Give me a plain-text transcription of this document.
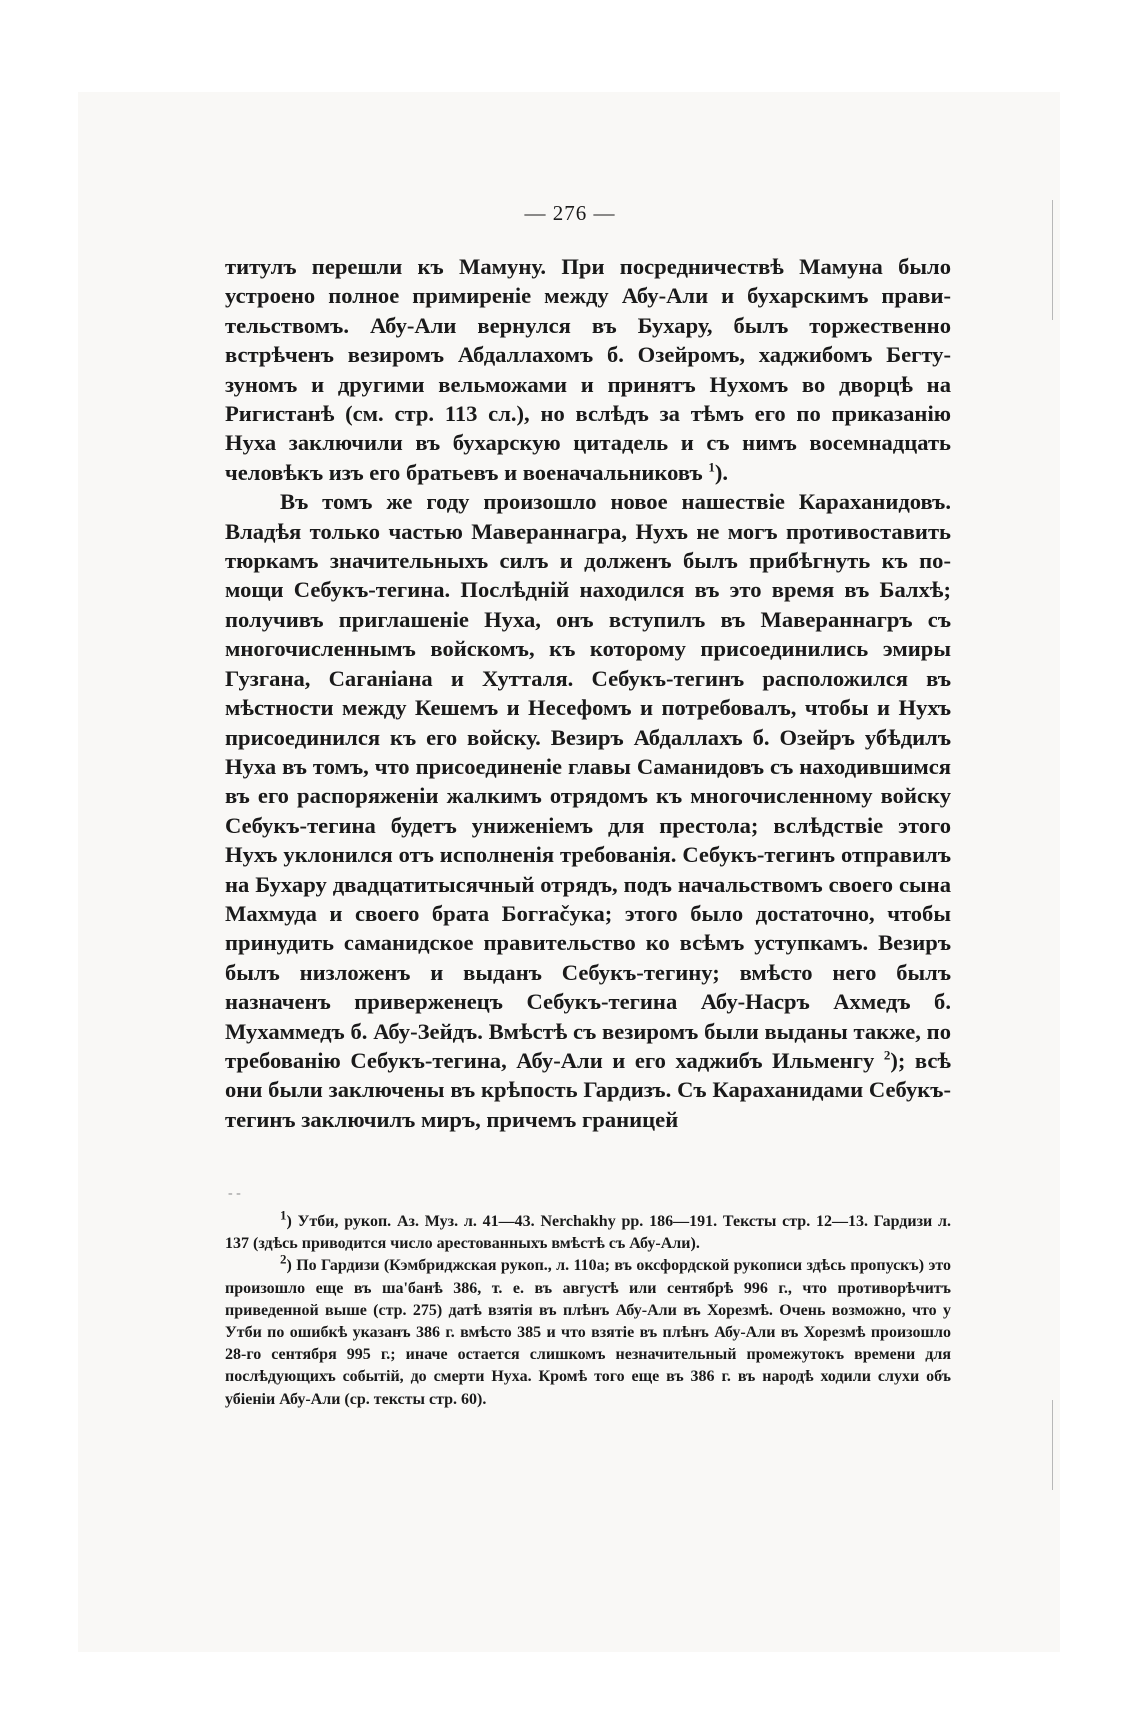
— 276 —

титулъ перешли къ Мамуну. При посредничествѣ Мамуна было устроено полное примиреніе между Абу-Али и бухарскимъ правительствомъ. Абу-Али вернулся въ Бухару, былъ торжественно встрѣченъ везиромъ Абдаллахомъ б. Озейромъ, хаджибомъ Бегтузуномъ и другими вельможами и принятъ Нухомъ во дворцѣ на Ригистанѣ (см. стр. 113 сл.), но вслѣдъ за тѣмъ его по приказанію Нуха заключили въ бухарскую цитадель и съ нимъ восемнадцать человѣкъ изъ его братьевъ и военачальниковъ $^1$).

Въ томъ же году произошло новое нашествіе Караханидовъ. Владѣя только частью Мавераннагра, Нухъ не могъ противоставить тюркамъ значительныхъ силъ и долженъ былъ прибѣгнуть къ помощи Себукъ-тегина. Послѣдній находился въ это время въ Балхѣ; получивъ приглашеніе Нуха, онъ вступилъ въ Мавераннагръ съ многочисленнымъ войскомъ, къ которому присоединились эмиры Гузгана, Саганіана и Хутталя. Себукъ-тегинъ расположился въ мѣстности между Кешемъ и Несефомъ и потребовалъ, чтобы и Нухъ присоединился къ его войску. Везиръ Абдаллахъ б. Озейръ убѣдилъ Нуха въ томъ, что присоединеніе главы Саманидовъ съ находившимся въ его распоряженіи жалкимъ отрядомъ къ многочисленному войску Себукъ-тегина будетъ униженіемъ для престола; вслѣдствіе этого Нухъ уклонился отъ исполненія требованія. Себукъ-тегинъ отправилъ на Бухару двадцатитысячный отрядъ, подъ начальствомъ своего сына Махмуда и своего брата Богračука; этого было достаточно, чтобы принудить саманидское правительство ко всѣмъ уступкамъ. Везиръ былъ низложенъ и выданъ Себукъ-тегину; вмѣсто него былъ назначенъ приверженецъ Себукъ-тегина Абу-Насръ Ахмедъ б. Мухаммедъ б. Абу-Зейдъ. Вмѣстѣ съ везиромъ были выданы также, по требованію Себукъ-тегина, Абу-Али и его хаджибъ Ильменгу $^2$); всѣ они были заключены въ крѣпость Гардизъ. Съ Караханидами Себукъ-тегинъ заключилъ миръ, причемъ границей

- -

$^1$) Утби, рукоп. Аз. Муз. л. 41—43. Nerchakhy pp. 186—191. Тексты стр. 12—13. Гардизи л. 137 (здѣсь приводится число арестованныхъ вмѣстѣ съ Абу-Али).

$^2$) По Гардизи (Кэмбриджская рукоп., л. 110а; въ оксфордской рукописи здѣсь пропускъ) это произошло еще въ ша'банѣ 386, т. е. въ августѣ или сентябрѣ 996 г., что противорѣчитъ приведенной выше (стр. 275) датѣ взятія въ плѣнъ Абу-Али въ Хорезмѣ. Очень возможно, что у Утби по ошибкѣ указанъ 386 г. вмѣсто 385 и что взятіе въ плѣнъ Абу-Али въ Хорезмѣ произошло 28-го сентября 995 г.; иначе остается слишкомъ незначительный промежутокъ времени для послѣдующихъ событій, до смерти Нуха. Кромѣ того еще въ 386 г. въ народѣ ходили слухи объ убіеніи Абу-Али (ср. тексты стр. 60).
